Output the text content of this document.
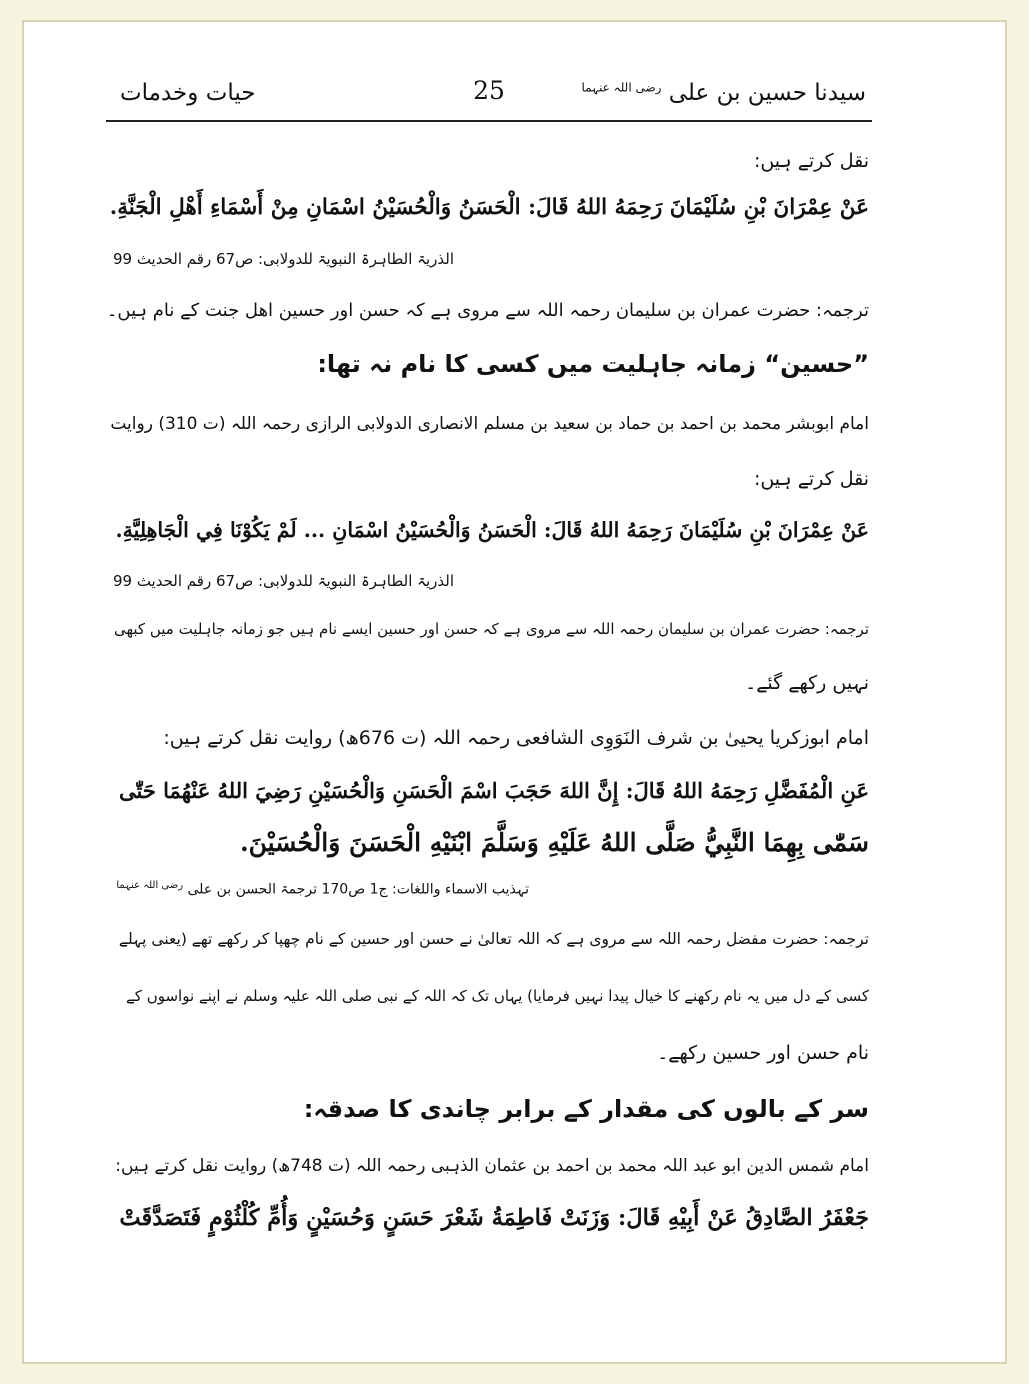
سیدنا حسین بن علی $^{رضی اللہ عنہما}$
25
حیات وخدمات
نقل کرتے ہیں:
عَنْ عِمْرَانَ بْنِ سُلَيْمَانَ رَحِمَهُ اللهُ قَالَ: الْحَسَنُ وَالْحُسَيْنُ اسْمَانِ مِنْ أَسْمَاءِ أَهْلِ الْجَنَّةِ.
الذریۃ الطاہرۃ النبویۃ للدولابی: ص67 رقم الحدیث 99
ترجمہ: حضرت عمران بن سلیمان رحمہ اللہ سے مروی ہے کہ حسن اور حسین اھل جنت کے نام ہیں۔
”حسین“ زمانہ جاہلیت میں کسی کا نام نہ تھا:
امام ابوبشر محمد بن احمد بن حماد بن سعید بن مسلم الانصاری الدولابی الرازی رحمہ اللہ (ت 310) روایت
نقل کرتے ہیں:
عَنْ عِمْرَانَ بْنِ سُلَيْمَانَ رَحِمَهُ اللهُ قَالَ: الْحَسَنُ وَالْحُسَيْنُ اسْمَانِ ... لَمْ يَكُوْنَا فِي الْجَاهِلِيَّةِ.
الذریۃ الطاہرۃ النبویۃ للدولابی: ص67 رقم الحدیث 99
ترجمہ: حضرت عمران بن سلیمان رحمہ اللہ سے مروی ہے کہ حسن اور حسین ایسے نام ہیں جو زمانہ جاہلیت میں کبھی
نہیں رکھے گئے۔
امام ابوزکریا یحییٰ بن شرف النَوَوِی الشافعی رحمہ اللہ (ت 676ھ) روایت نقل کرتے ہیں:
عَنِ الْمُفَضَّلِ رَحِمَهُ اللهُ قَالَ: إِنَّ اللهَ حَجَبَ اسْمَ الْحَسَنِ وَالْحُسَيْنِ رَضِيَ اللهُ عَنْهُمَا حَتّٰى
سَمّٰى بِهِمَا النَّبِيُّ صَلَّى اللهُ عَلَيْهِ وَسَلَّمَ ابْنَيْهِ الْحَسَنَ وَالْحُسَيْنَ.
تہذیب الاسماء واللغات: ج1 ص170 ترجمۃ الحسن بن علی $^{رضی اللہ عنہما}$
ترجمہ: حضرت مفضل رحمہ اللہ سے مروی ہے کہ اللہ تعالیٰ نے حسن اور حسین کے نام چھپا کر رکھے تھے (یعنی پہلے
کسی کے دل میں یہ نام رکھنے کا خیال پیدا نہیں فرمایا) یہاں تک کہ اللہ کے نبی صلی اللہ علیہ وسلم نے اپنے نواسوں کے
نام حسن اور حسین رکھے۔
سر کے بالوں کی مقدار کے برابر چاندی کا صدقہ:
امام شمس الدین ابو عبد اللہ محمد بن احمد بن عثمان الذہبی رحمہ اللہ (ت 748ھ) روایت نقل کرتے ہیں:
جَعْفَرُ الصَّادِقُ عَنْ أَبِيْهِ قَالَ: وَزَنَتْ فَاطِمَةُ شَعْرَ حَسَنٍ وَحُسَيْنٍ وَأُمِّ كُلْثُوْمٍ فَتَصَدَّقَتْ
